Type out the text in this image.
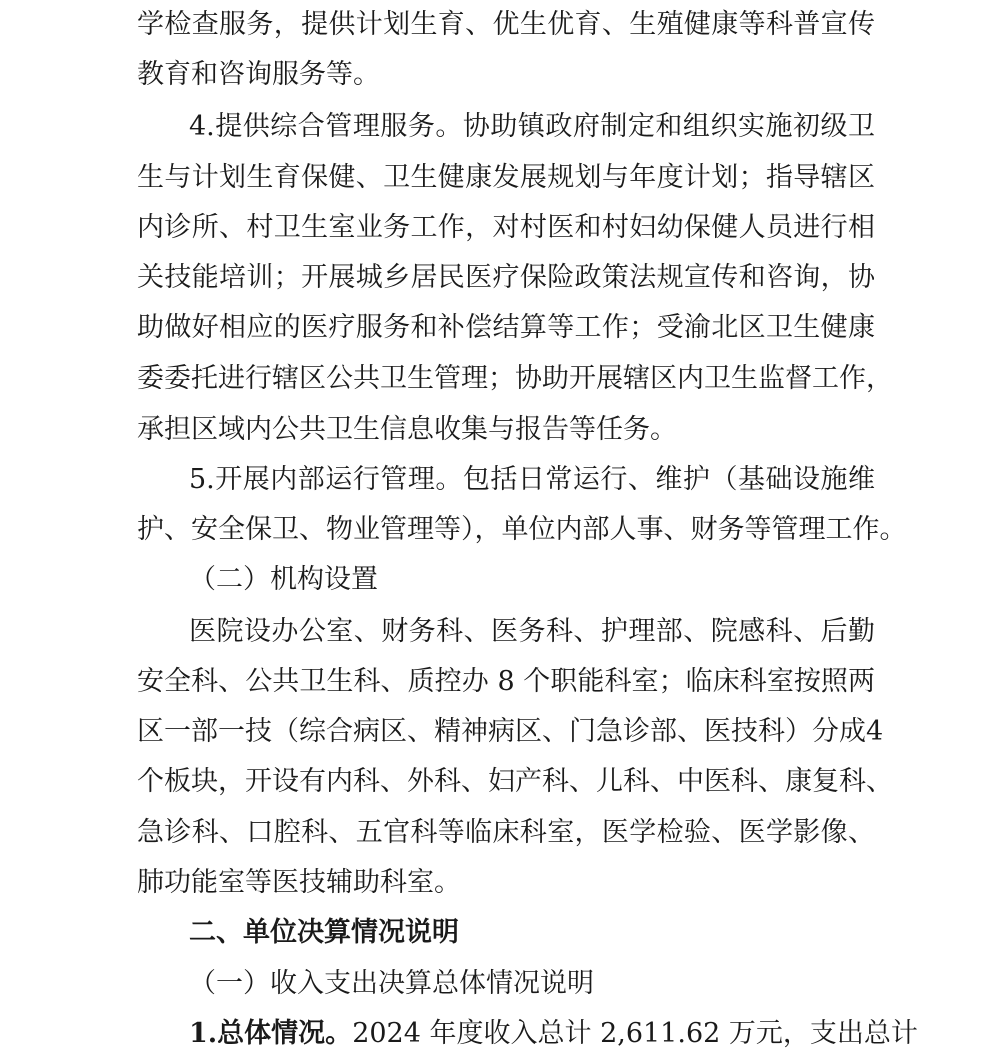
学检查服务，提供计划生育、优生优育、生殖健康等科普宣传
教育和咨询服务等。
4.提供综合管理服务。协助镇政府制定和组织实施初级卫
生与计划生育保健、卫生健康发展规划与年度计划；指导辖区
内诊所、村卫生室业务工作，对村医和村妇幼保健人员进行相
关技能培训；开展城乡居民医疗保险政策法规宣传和咨询，协
助做好相应的医疗服务和补偿结算等工作；受渝北区卫生健康
委委托进行辖区公共卫生管理；协助开展辖区内卫生监督工作，
承担区域内公共卫生信息收集与报告等任务。
5.开展内部运行管理。包括日常运行、维护（基础设施维
护、安全保卫、物业管理等），单位内部人事、财务等管理工作。
（二）机构设置
医院设办公室、财务科、医务科、护理部、院感科、后勤
安全科、公共卫生科、质控办 8 个职能科室；临床科室按照两
区一部一技（综合病区、精神病区、门急诊部、医技科）分成4
个板块，开设有内科、外科、妇产科、儿科、中医科、康复科、
急诊科、口腔科、五官科等临床科室，医学检验、医学影像、
肺功能室等医技辅助科室。
二、单位决算情况说明
（一）收入支出决算总体情况说明
1.总体情况。2024 年度收入总计 2,611.62 万元，支出总计
